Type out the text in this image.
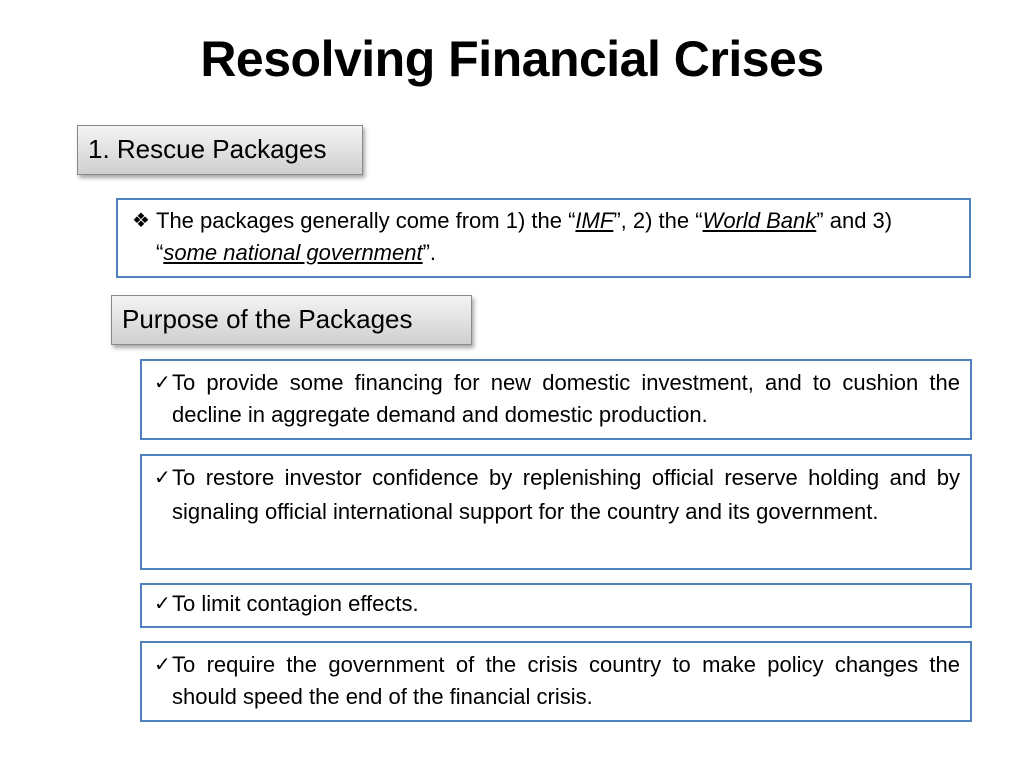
Resolving Financial Crises
1. Rescue Packages
❖ The packages generally come from 1) the “IMF”, 2) the “World Bank” and 3) “some national government”.
Purpose of the Packages
✓ To provide some financing for new domestic investment, and to cushion the decline in aggregate demand and domestic production.
✓ To restore investor confidence by replenishing official reserve holding and by signaling official international support for the country and its government.
✓ To limit contagion effects.
✓ To require the government of the crisis country to make policy changes the should speed the end of the financial crisis.
